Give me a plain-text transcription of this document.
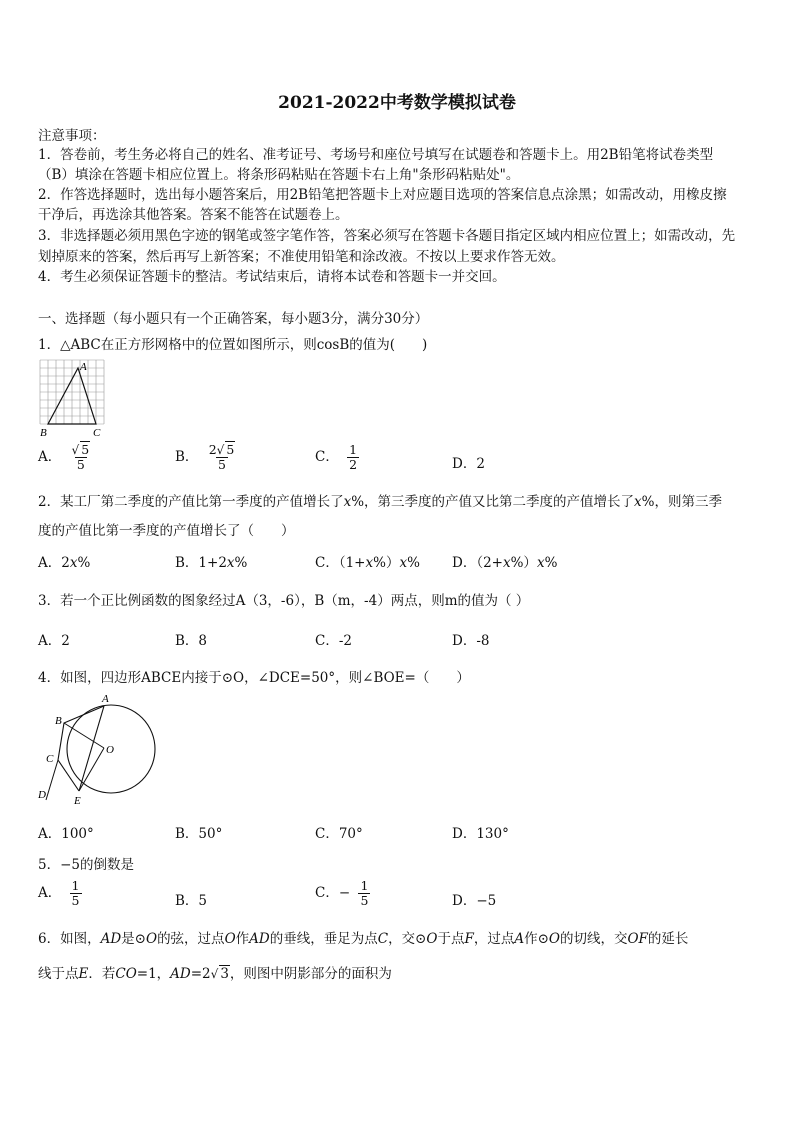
2021-2022中考数学模拟试卷
注意事项：
1．答卷前，考生务必将自己的姓名、准考证号、考场号和座位号填写在试题卷和答题卡上。用2B铅笔将试卷类型
（B）填涂在答题卡相应位置上。将条形码粘贴在答题卡右上角"条形码粘贴处"。
2．作答选择题时，选出每小题答案后，用2B铅笔把答题卡上对应题目选项的答案信息点涂黑；如需改动，用橡皮擦
干净后，再选涂其他答案。答案不能答在试题卷上。
3．非选择题必须用黑色字迹的钢笔或签字笔作答，答案必须写在答题卡各题目指定区域内相应位置上；如需改动，先
划掉原来的答案，然后再写上新答案；不准使用铅笔和涂改液。不按以上要求作答无效。
4．考生必须保证答题卡的整洁。考试结束后，请将本试卷和答题卡一并交回。
一、选择题（每小题只有一个正确答案，每小题3分，满分30分）
1．△ABC在正方形网格中的位置如图所示，则cosB的值为(　　)
A
B	C
A． $\frac{√ 5}{5}$	B． $\frac{2√ 5}{5}$	C． $\frac{1}{2}$	D．2
2．某工厂第二季度的产值比第一季度的产值增长了x%，第三季度的产值又比第二季度的产值增长了x%，则第三季
度的产值比第一季度的产值增长了（　　）
A．2x%	B．1+2x%	C．（1+x%）x% D．（2+x%）x%
3．若一个正比例函数的图象经过A（3，-6），B（m，-4）两点，则m的值为（ ）
A．2	B．8	C．-2	D．-8
4．如图，四边形ABCE内接于⊙O，∠DCE=50°，则∠BOE=（　　）
A
B
C
D	E
O
A．100°	B．50°	C．70°	D．130°
5．−5的倒数是
A． $\frac{1}{5}$	B．5	C．− $\frac{1}{5}$	D．−5
6．如图，AD是⊙O的弦，过点O作AD的垂线，垂足为点C，交⊙O于点F，过点A作⊙O的切线，交OF的延长
线于点E．若CO=1，AD=2√ 3，则图中阴影部分的面积为
